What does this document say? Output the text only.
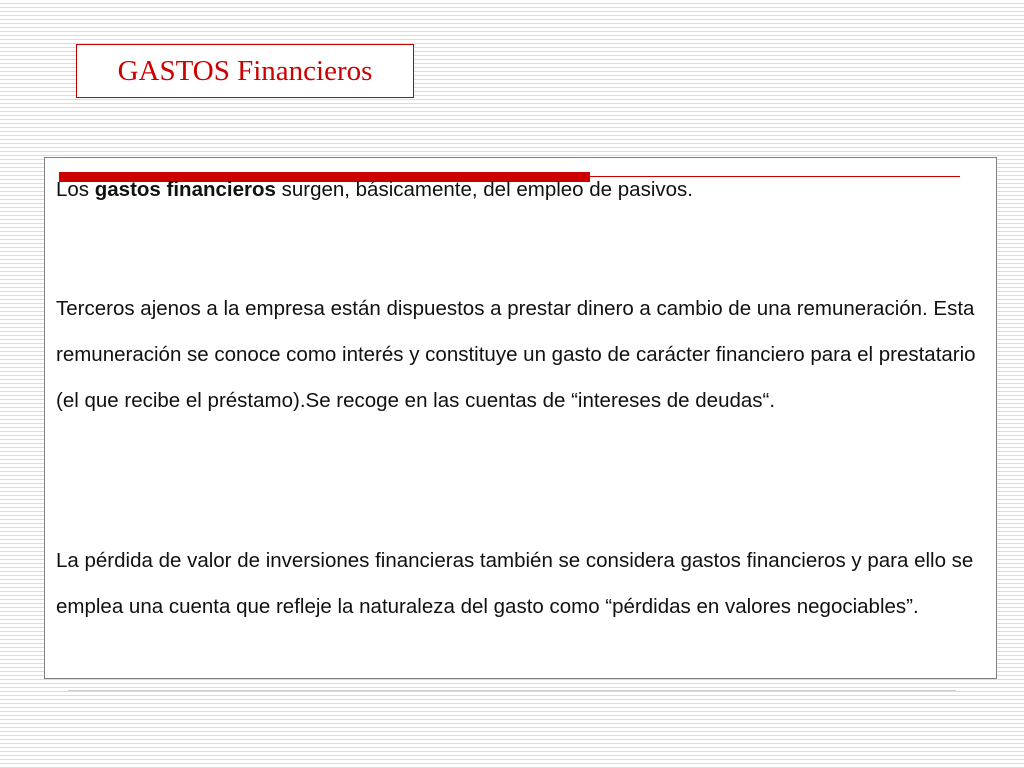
GASTOS Financieros

Los gastos financieros surgen, básicamente, del empleo de pasivos.

Terceros ajenos a la empresa están dispuestos a prestar dinero a cambio de una remuneración. Esta remuneración se conoce como interés y constituye un gasto de carácter financiero para el prestatario (el que recibe el préstamo).Se recoge en las cuentas de “intereses de deudas“.

La pérdida de valor de inversiones financieras también se considera gastos financieros y para ello se emplea una cuenta que refleje la naturaleza del gasto como “pérdidas en valores negociables”.
